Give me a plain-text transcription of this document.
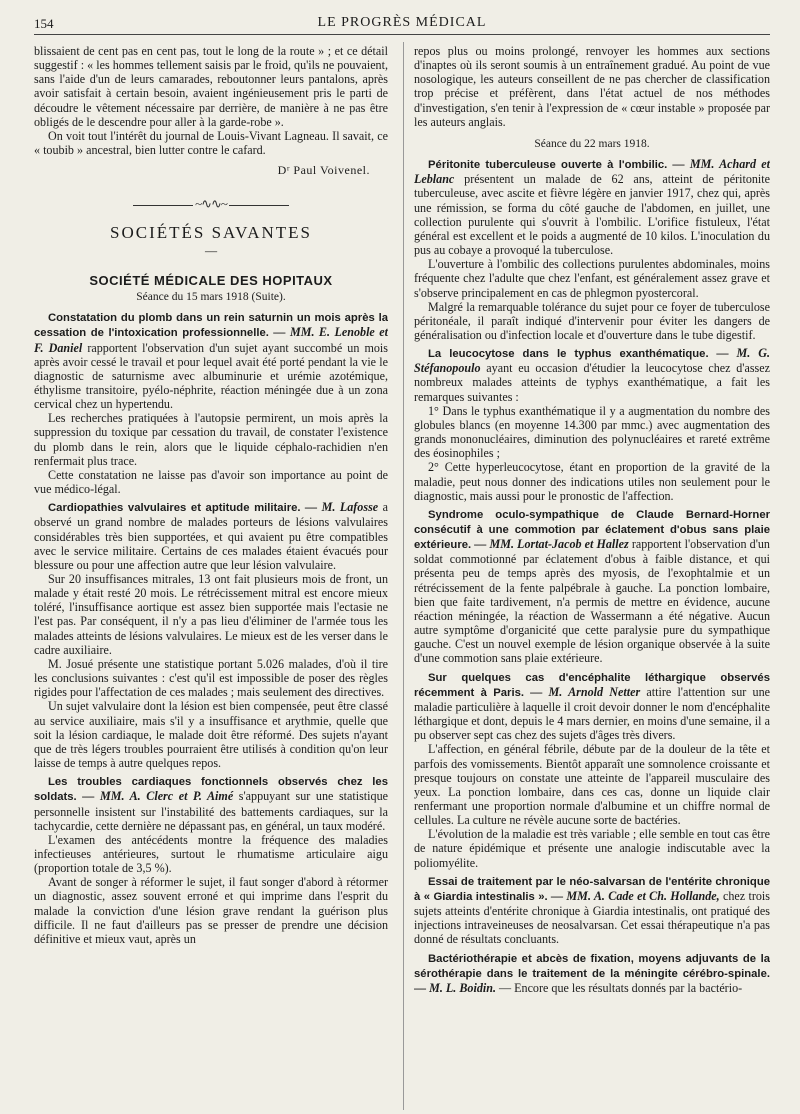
154	LE PROGRÈS MÉDICAL

blissaient de cent pas en cent pas, tout le long de la route » ; et ce détail suggestif : « les hommes tellement saisis par le froid, qu'ils ne pouvaient, sans l'aide d'un de leurs camarades, reboutonner leurs pantalons, après avoir satisfait à certain besoin, avaient ingénieusement pris le parti de découdre le vêtement nécessaire par derrière, de manière à ne pas être obligés de le descendre pour aller à la garde-robe ».

On voit tout l'intérêt du journal de Louis-Vivant Lagneau. Il savait, ce « toubib » ancestral, bien lutter contre le cafard.

Dʳ Paul Voivenel.
~∿∿~
SOCIÉTÉS SAVANTES
—
SOCIÉTÉ MÉDICALE DES HOPITAUX
Séance du 15 mars 1918 (Suite).

Constatation du plomb dans un rein saturnin un mois après la cessation de l'intoxication professionnelle. — MM. E. Lenoble et F. Daniel rapportent l'observation d'un sujet ayant succombé un mois après avoir cessé le travail et pour lequel avait été porté pendant la vie le diagnostic de saturnisme avec albuminurie et urémie azotémique, éthylisme transitoire, pyélo-néphrite, réaction méningée due à un zona cervical chez un hypertendu.

Les recherches pratiquées à l'autopsie permirent, un mois après la suppression du toxique par cessation du travail, de constater l'existence du plomb dans le rein, alors que le liquide céphalo-rachidien n'en renfermait plus trace.

Cette constatation ne laisse pas d'avoir son importance au point de vue médico-légal.

Cardiopathies valvulaires et aptitude militaire. — M. Lafosse a observé un grand nombre de malades porteurs de lésions valvulaires considérables très bien supportées, et qui avaient pu être compatibles avec le service militaire. Certains de ces malades étaient évacués pour blessure ou pour une affection autre que leur lésion valvulaire.

Sur 20 insuffisances mitrales, 13 ont fait plusieurs mois de front, un malade y était resté 20 mois. Le rétrécissement mitral est encore mieux toléré, l'insuffisance aortique est assez bien supportée mais l'ectasie ne l'est pas. Par conséquent, il n'y a pas lieu d'éliminer de l'armée tous les malades atteints de lésions valvulaires. Le mieux est de les verser dans le cadre auxiliaire.

M. Josué présente une statistique portant 5.026 malades, d'où il tire les conclusions suivantes : c'est qu'il est impossible de poser des règles rigides pour l'affectation de ces malades ; mais seulement des directives.

Un sujet valvulaire dont la lésion est bien compensée, peut être classé au service auxiliaire, mais s'il y a insuffisance et arythmie, quelle que soit la lésion cardiaque, le malade doit être réformé. Des sujets n'ayant que de très légers troubles pourraient être utilisés à condition qu'on leur laisse de temps à autre quelques repos.

Les troubles cardiaques fonctionnels observés chez les soldats. — MM. A. Clerc et P. Aimé s'appuyant sur une statistique personnelle insistent sur l'instabilité des battements cardiaques, sur la tachycardie, cette dernière ne dépassant pas, en général, un taux modéré.

L'examen des antécédents montre la fréquence des maladies infectieuses antérieures, surtout le rhumatisme articulaire aigu (proportion totale de 3,5 %).

Avant de songer à réformer le sujet, il faut songer d'abord à rétormer un diagnostic, assez souvent erroné et qui imprime dans l'esprit du malade la conviction d'une lésion grave rendant la guérison plus difficile. Il ne faut d'ailleurs pas se presser de prendre une décision définitive et mieux vaut, après un

repos plus ou moins prolongé, renvoyer les hommes aux sections d'inaptes où ils seront soumis à un entraînement gradué. Au point de vue nosologique, les auteurs conseillent de ne pas chercher de classification trop précise et préfèrent, dans l'état actuel de nos méthodes d'investigation, s'en tenir à l'expression de « cœur instable » proposée par les auteurs anglais.

Séance du 22 mars 1918.

Péritonite tuberculeuse ouverte à l'ombilic. — MM. Achard et Leblanc présentent un malade de 62 ans, atteint de péritonite tuberculeuse, avec ascite et fièvre légère en janvier 1917, chez qui, après une rémission, se forma du côté gauche de l'abdomen, en juillet, une collection purulente qui s'ouvrit à l'ombilic. L'orifice fistuleux, l'état général est excellent et le poids a augmenté de 10 kilos. L'inoculation du pus au cobaye a provoqué la tuberculose.

L'ouverture à l'ombilic des collections purulentes abdominales, moins fréquente chez l'adulte que chez l'enfant, est généralement assez grave et s'observe principalement en cas de phlegmon pyostercoral.

Malgré la remarquable tolérance du sujet pour ce foyer de tuberculose péritonéale, il paraît indiqué d'intervenir pour éviter les dangers de généralisation ou d'infection locale et d'ouverture dans le tube digestif.

La leucocytose dans le typhus exanthématique. — M. G. Stéfanopoulo ayant eu occasion d'étudier la leucocytose chez d'assez nombreux malades atteints de typhys exanthématique, a fait les remarques suivantes :

1° Dans le typhus exanthématique il y a augmentation du nombre des globules blancs (en moyenne 14.300 par mmc.) avec augmentation des grands mononucléaires, diminution des polynucléaires et rareté extrême des éosinophiles ;

2° Cette hyperleucocytose, étant en proportion de la gravité de la maladie, peut nous donner des indications utiles non seulement pour le diagnostic, mais aussi pour le pronostic de l'affection.

Syndrome oculo-sympathique de Claude Bernard-Horner consécutif à une commotion par éclatement d'obus sans plaie extérieure. — MM. Lortat-Jacob et Hallez rapportent l'observation d'un soldat commotionné par éclatement d'obus à faible distance, et qui présenta peu de temps après des myosis, de l'exophtalmie et un rétrécissement de la fente palpébrale à gauche. La ponction lombaire, bien que faite tardivement, n'a permis de mettre en évidence, aucune réaction méningée, la réaction de Wassermann a été négative. Aucun autre symptôme d'organicité que cette paralysie pure du sympathique gauche. C'est un nouvel exemple de lésion organique observée à la suite d'une commotion sans plaie extérieure.

Sur quelques cas d'encéphalite léthargique observés récemment à Paris. — M. Arnold Netter attire l'attention sur une maladie particulière à laquelle il croit devoir donner le nom d'encéphalite léthargique et dont, depuis le 4 mars dernier, en moins d'une semaine, il a pu observer sept cas chez des sujets d'âges très divers.

L'affection, en général fébrile, débute par de la douleur de la tête et parfois des vomissements. Bientôt apparaît une somnolence croissante et presque toujours on constate une atteinte de l'appareil musculaire des yeux. La ponction lombaire, dans ces cas, donne un liquide clair renfermant une proportion normale d'albumine et un chiffre normal de cellules. La culture ne révèle aucune sorte de bactéries.

L'évolution de la maladie est très variable ; elle semble en tout cas être de nature épidémique et présente une analogie indiscutable avec la poliomyélite.

Essai de traitement par le néo-salvarsan de l'entérite chronique à « Giardia intestinalis ». — MM. A. Cade et Ch. Hollande, chez trois sujets atteints d'entérite chronique à Giardia intestinalis, ont pratiqué des injections intraveineuses de neosalvarsan. Cet essai thérapeutique n'a pas donné de résultats concluants.

Bactériothérapie et abcès de fixation, moyens adjuvants de la sérothérapie dans le traitement de la méningite cérébro-spinale. — M. L. Boidin. — Encore que les résultats donnés par la bactério-
